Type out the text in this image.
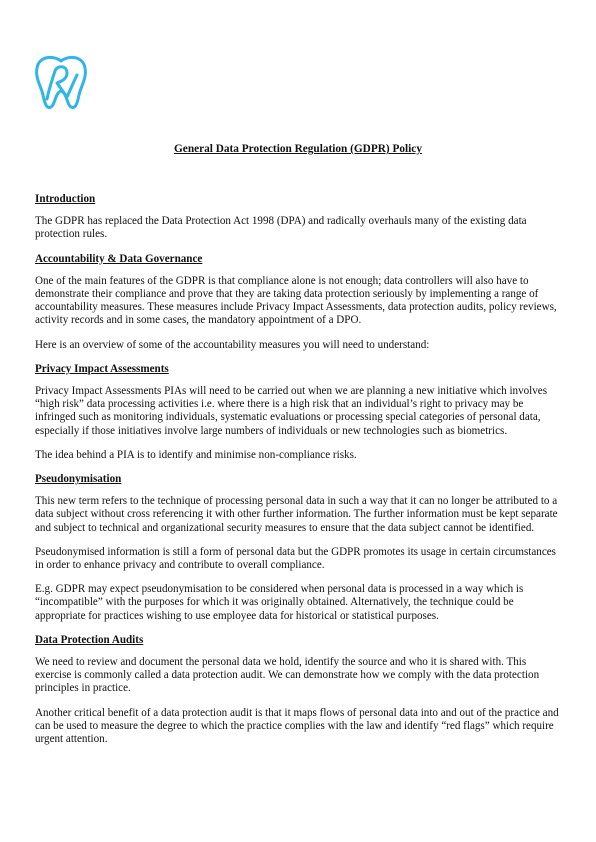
General Data Protection Regulation (GDPR) Policy
Introduction

The GDPR has replaced the Data Protection Act 1998 (DPA) and radically overhauls many of the existing data protection rules.

Accountability & Data Governance

One of the main features of the GDPR is that compliance alone is not enough; data controllers will also have to demonstrate their compliance and prove that they are taking data protection seriously by implementing a range of accountability measures. These measures include Privacy Impact Assessments, data protection audits, policy reviews, activity records and in some cases, the mandatory appointment of a DPO.

Here is an overview of some of the accountability measures you will need to understand:

Privacy Impact Assessments

Privacy Impact Assessments PIAs will need to be carried out when we are planning a new initiative which involves “high risk” data processing activities i.e. where there is a high risk that an individual’s right to privacy may be infringed such as monitoring individuals, systematic evaluations or processing special categories of personal data, especially if those initiatives involve large numbers of individuals or new technologies such as biometrics.

The idea behind a PIA is to identify and minimise non-compliance risks.

Pseudonymisation

This new term refers to the technique of processing personal data in such a way that it can no longer be attributed to a data subject without cross referencing it with other further information. The further information must be kept separate and subject to technical and organizational security measures to ensure that the data subject cannot be identified.

Pseudonymised information is still a form of personal data but the GDPR promotes its usage in certain circumstances in order to enhance privacy and contribute to overall compliance.

E.g. GDPR may expect pseudonymisation to be considered when personal data is processed in a way which is “incompatible” with the purposes for which it was originally obtained. Alternatively, the technique could be appropriate for practices wishing to use employee data for historical or statistical purposes.

Data Protection Audits

We need to review and document the personal data we hold, identify the source and who it is shared with. This exercise is commonly called a data protection audit. We can demonstrate how we comply with the data protection principles in practice.

Another critical benefit of a data protection audit is that it maps flows of personal data into and out of the practice and can be used to measure the degree to which the practice complies with the law and identify “red flags” which require urgent attention.
